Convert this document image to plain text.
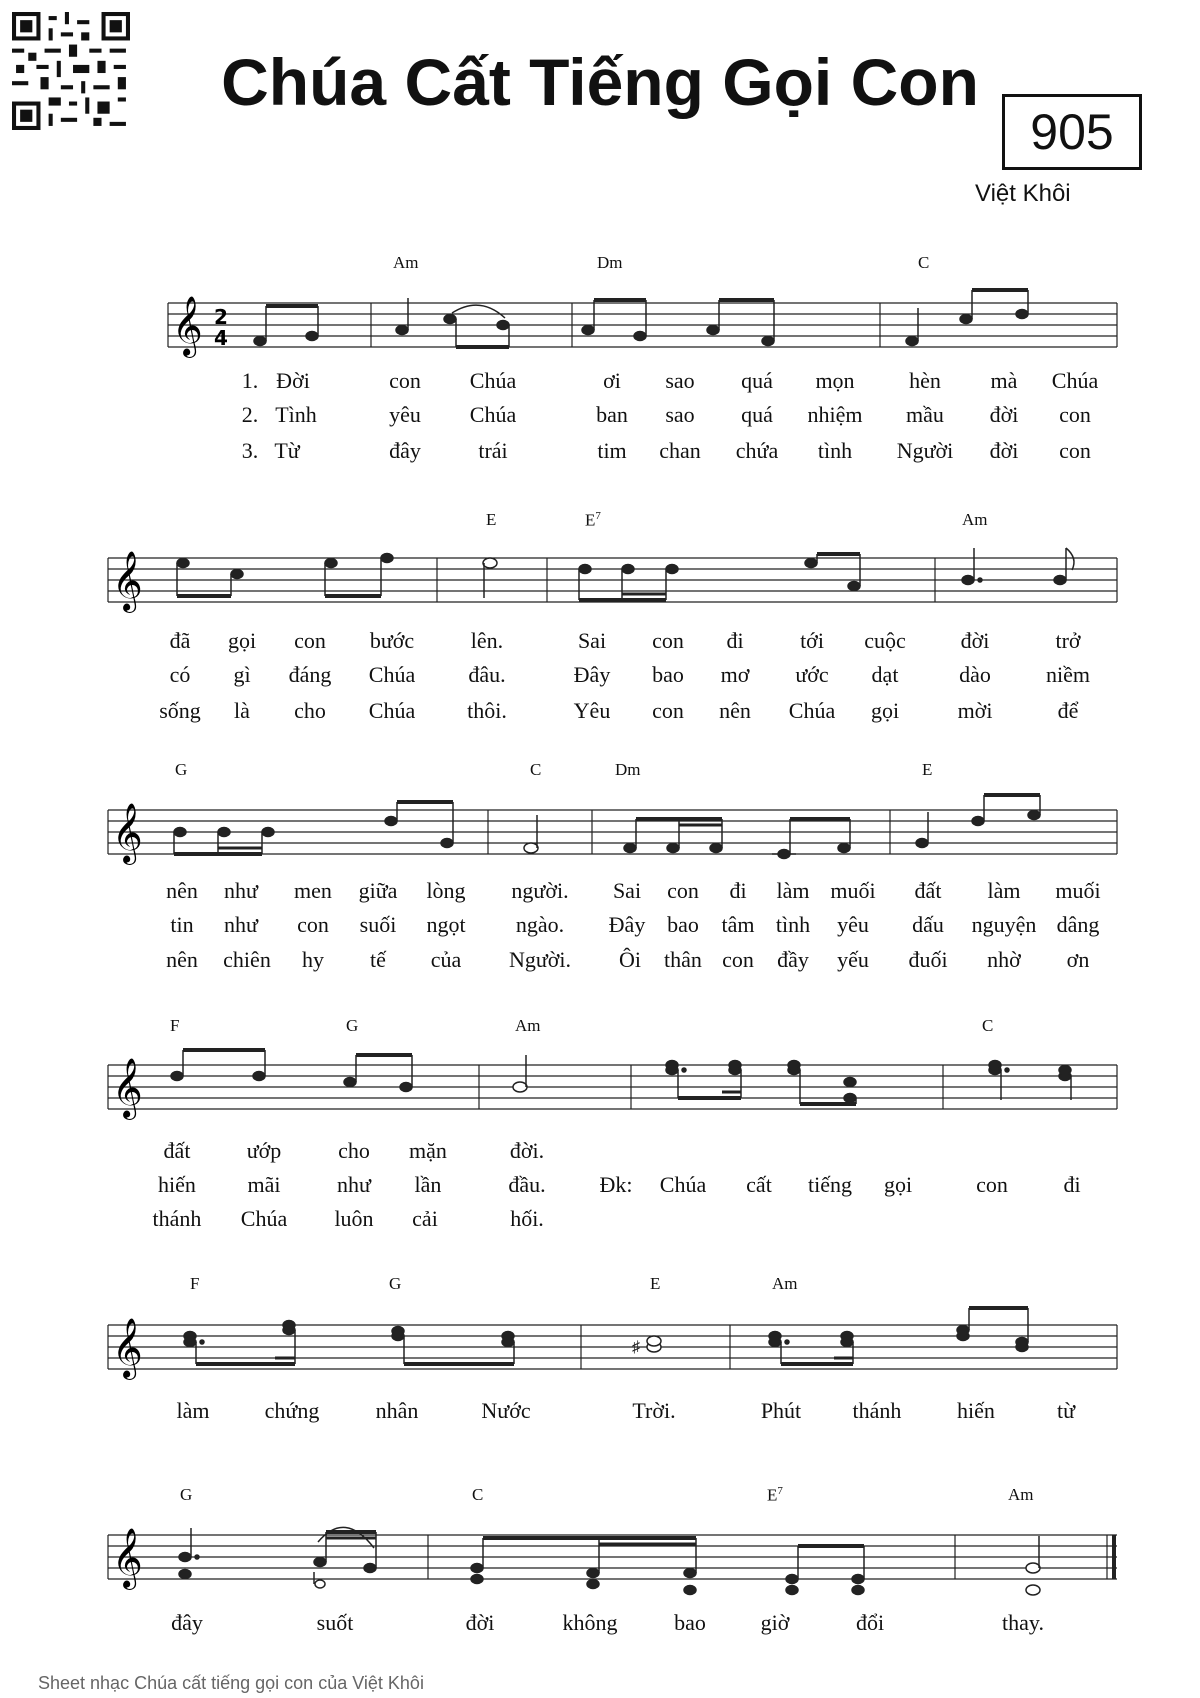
Chúa Cất Tiếng Gọi Con
905
Việt Khôi
Am	Dm	C
𝄞 2
4
1. Đời	con Chúa	ơi sao quá mọn hèn mà Chúa
2. Tình	yêu Chúa	ban sao quá nhiệm mầu đời con
3. Từ	đây	trái	tim chan chứa tình Người đời con
E	$E^7$	Am
𝄞
đã gọi con bước	lên.	Sai con đi	tới cuộc đời	trở
có gì đáng Chúa đâu.	Đây bao mơ ước dạt	dào	niềm
sống là cho Chúa thôi.	Yêu con nên Chúa gọi	mời	để
G	C	Dm	E
𝄞
nên như men giữa lòng người. Sai con đi làm muối đất làm muối
tin như con suối ngọt ngào. Đây bao tâm tình yêu dấu nguyện dâng
nên chiên hy tế của Người. Ôi thân con đầy yếu đuối nhờ ơn
F	G	Am	C
𝄞
đất	ướp	cho mặn	đời.
hiến mãi	như lần	đầu. Đk: Chúa cất tiếng gọi	con	đi
thánh Chúa luôn cải	hối.
F	G	E	Am
𝄞	♯
làm	chứng	nhân	Nước	Trời.	Phút thánh	hiến	từ
G	C	$E^7$	Am
𝄞
đây	suốt	đời	không	bao giờ	đổi	thay.
Sheet nhạc Chúa cất tiếng gọi con của Việt Khôi
